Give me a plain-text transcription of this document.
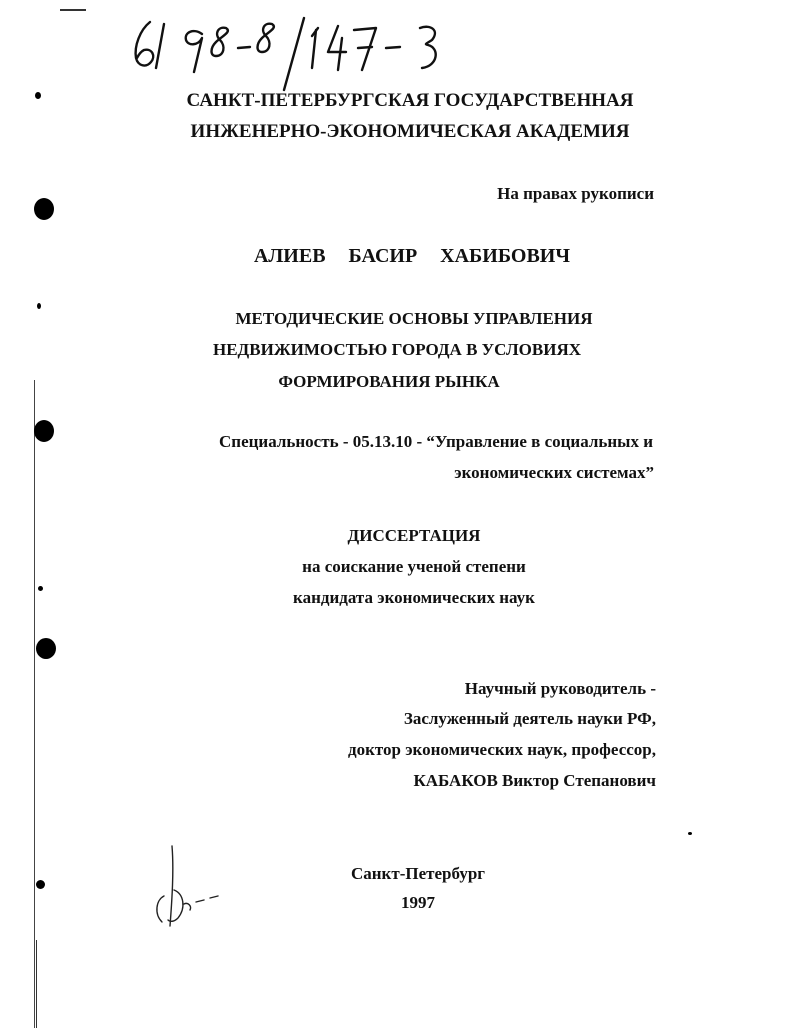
САНКТ-ПЕТЕРБУРГСКАЯ ГОСУДАРСТВЕННАЯ
ИНЖЕНЕРНО-ЭКОНОМИЧЕСКАЯ АКАДЕМИЯ
На правах рукописи
АЛИЕВ БАСИР ХАБИБОВИЧ
МЕТОДИЧЕСКИЕ ОСНОВЫ УПРАВЛЕНИЯ
НЕДВИЖИМОСТЬЮ ГОРОДА В УСЛОВИЯХ
ФОРМИРОВАНИЯ РЫНКА
Специальность - 05.13.10 - “Управление в социальных и
экономических системах”
ДИССЕРТАЦИЯ
на соискание ученой степени
кандидата экономических наук
Научный руководитель -
Заслуженный деятель науки РФ,
доктор экономических наук, профессор,
КАБАКОВ Виктор Степанович
Санкт-Петербург
1997
